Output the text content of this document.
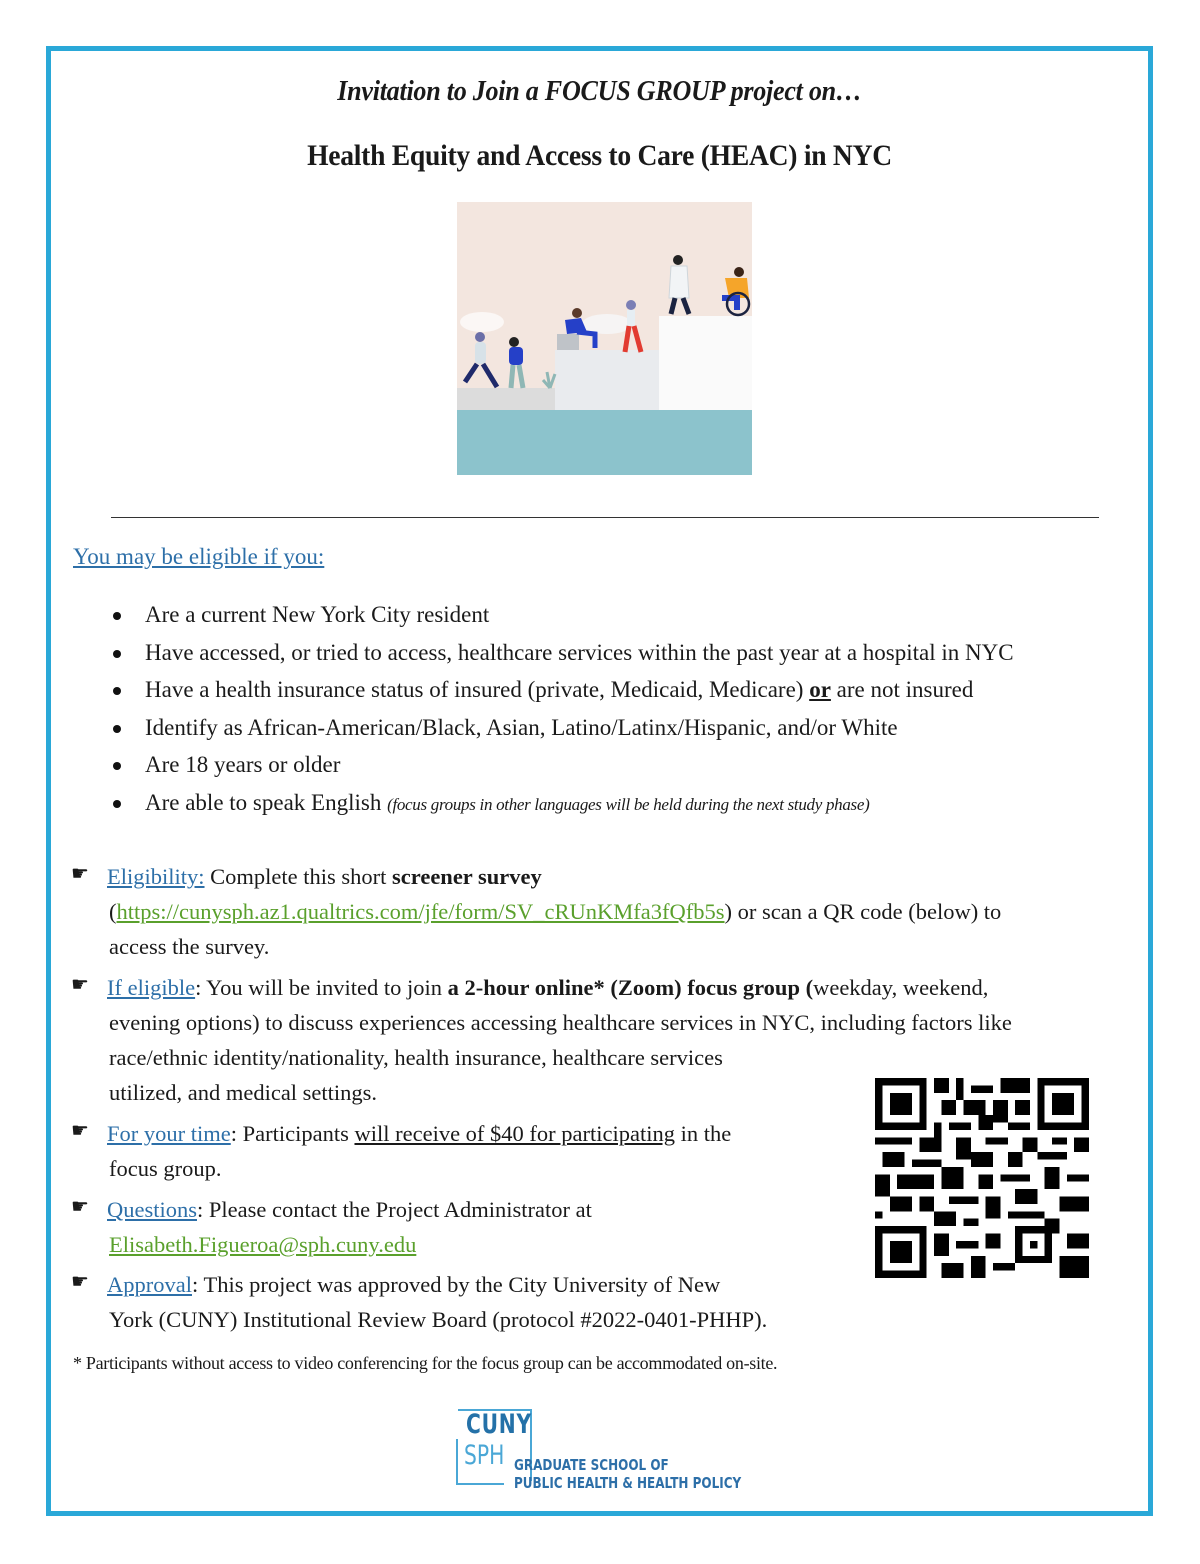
Invitation to Join a FOCUS GROUP project on…
Health Equity and Access to Care (HEAC) in NYC
You may be eligible if you:
Are a current New York City resident
Have accessed, or tried to access, healthcare services within the past year at a hospital in NYC
Have a health insurance status of insured (private, Medicaid, Medicare) or are not insured
Identify as African-American/Black, Asian, Latino/Latinx/Hispanic, and/or White
Are 18 years or older
Are able to speak English (focus groups in other languages will be held during the next study phase)
☛ Eligibility: Complete this short screener survey
(https://cunysph.az1.qualtrics.com/jfe/form/SV_cRUnKMfa3fQfb5s) or scan a QR code (below) to
access the survey.
☛ If eligible: You will be invited to join a 2-hour online* (Zoom) focus group (weekday, weekend,
evening options) to discuss experiences accessing healthcare services in NYC, including factors like
race/ethnic identity/nationality, health insurance, healthcare services
utilized, and medical settings.
☛ For your time: Participants will receive of $40 for participating in the
focus group.
☛ Questions: Please contact the Project Administrator at
Elisabeth.Figueroa@sph.cuny.edu
☛ Approval: This project was approved by the City University of New
York (CUNY) Institutional Review Board (protocol #2022-0401-PHHP).
* Participants without access to video conferencing for the focus group can be accommodated on-site.
CUNY
SPH GRADUATE SCHOOL OF
PUBLIC HEALTH & HEALTH POLICY
